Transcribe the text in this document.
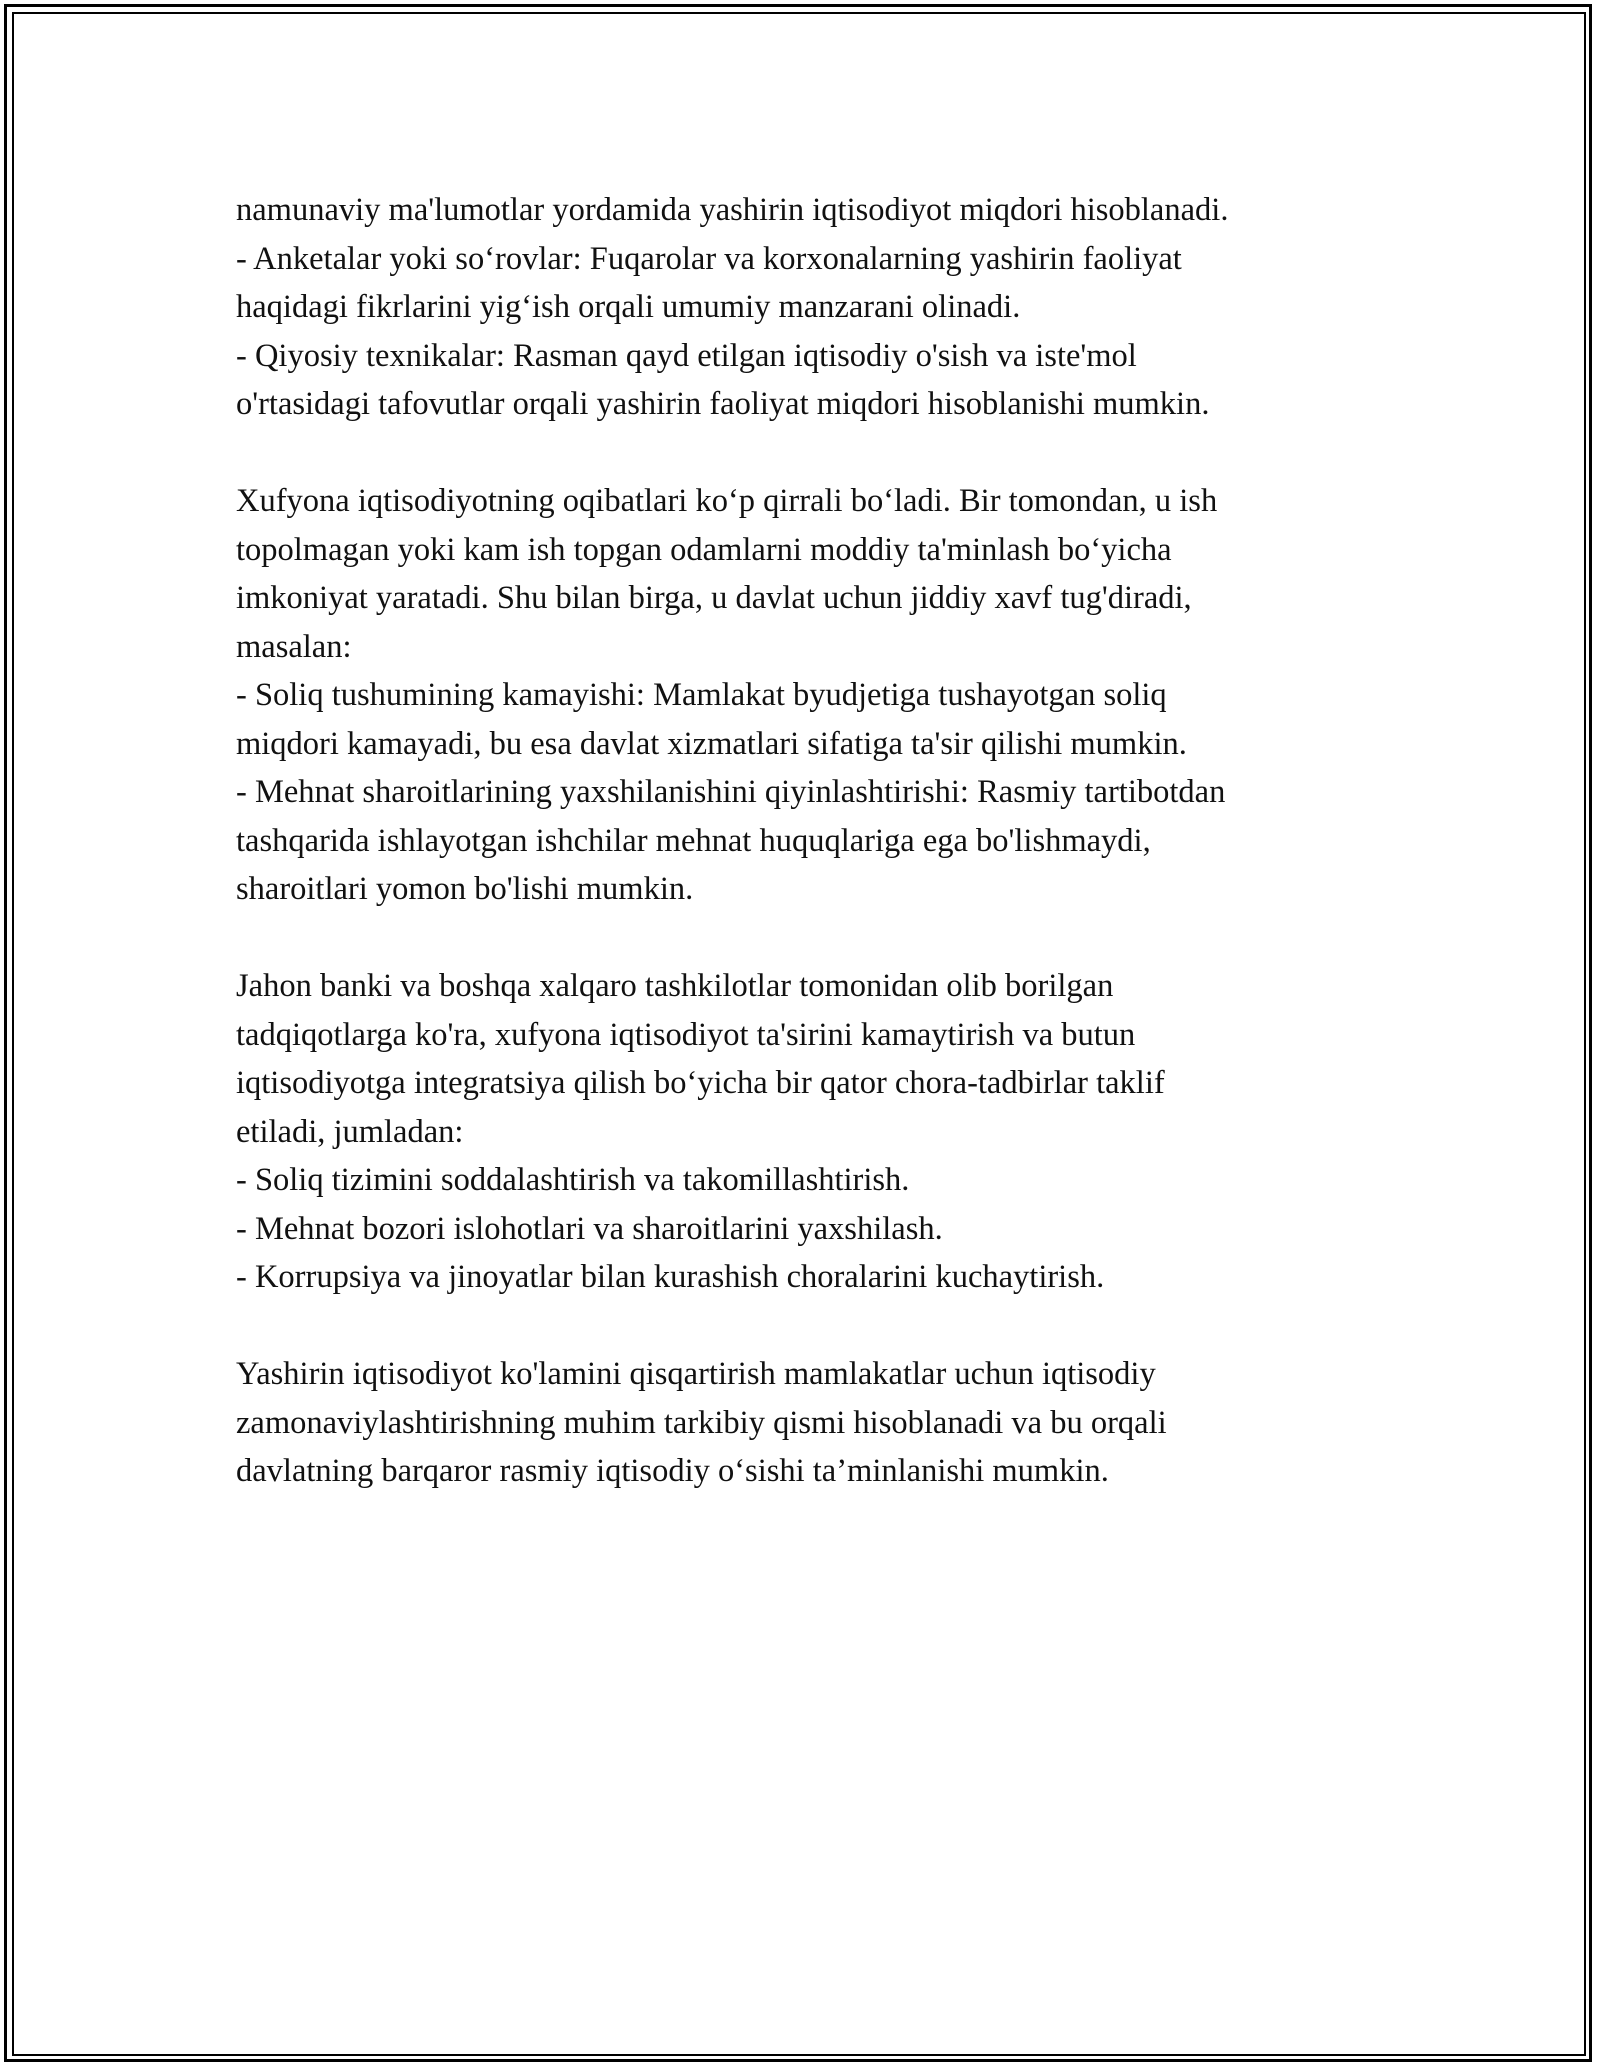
namunaviy ma'lumotlar yordamida yashirin iqtisodiyot miqdori hisoblanadi.

- Anketalar yoki so‘rovlar: Fuqarolar va korxonalarning yashirin faoliyat

haqidagi fikrlarini yig‘ish orqali umumiy manzarani olinadi.

- Qiyosiy texnikalar: Rasman qayd etilgan iqtisodiy o'sish va iste'mol

o'rtasidagi tafovutlar orqali yashirin faoliyat miqdori hisoblanishi mumkin.

Xufyona iqtisodiyotning oqibatlari ko‘p qirrali bo‘ladi. Bir tomondan, u ish

topolmagan yoki kam ish topgan odamlarni moddiy ta'minlash bo‘yicha

imkoniyat yaratadi. Shu bilan birga, u davlat uchun jiddiy xavf tug'diradi,

masalan:

- Soliq tushumining kamayishi: Mamlakat byudjetiga tushayotgan soliq

miqdori kamayadi, bu esa davlat xizmatlari sifatiga ta'sir qilishi mumkin.

- Mehnat sharoitlarining yaxshilanishini qiyinlashtirishi: Rasmiy tartibotdan

tashqarida ishlayotgan ishchilar mehnat huquqlariga ega bo'lishmaydi,

sharoitlari yomon bo'lishi mumkin.

Jahon banki va boshqa xalqaro tashkilotlar tomonidan olib borilgan

tadqiqotlarga ko'ra, xufyona iqtisodiyot ta'sirini kamaytirish va butun

iqtisodiyotga integratsiya qilish bo‘yicha bir qator chora-tadbirlar taklif

etiladi, jumladan:

- Soliq tizimini soddalashtirish va takomillashtirish.

- Mehnat bozori islohotlari va sharoitlarini yaxshilash.

- Korrupsiya va jinoyatlar bilan kurashish choralarini kuchaytirish.

Yashirin iqtisodiyot ko'lamini qisqartirish mamlakatlar uchun iqtisodiy

zamonaviylashtirishning muhim tarkibiy qismi hisoblanadi va bu orqali

davlatning barqaror rasmiy iqtisodiy o‘sishi ta’minlanishi mumkin.
